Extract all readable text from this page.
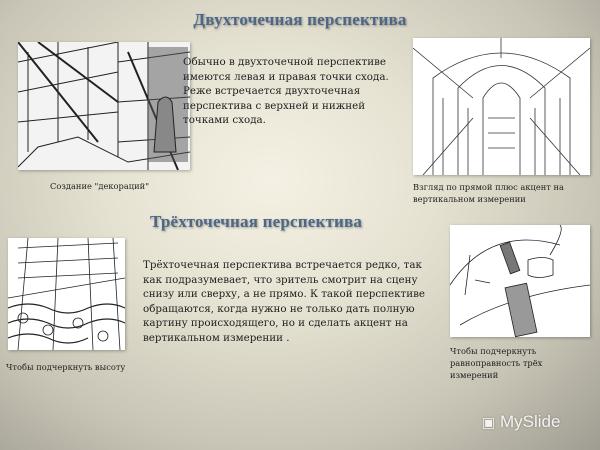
Двухточечная перспектива
Создание "декораций"
Обычно в двухточечной перспективе имеются левая и правая точки схода. Реже встречается двухточечная перспектива с верхней и нижней точками схода.
Взгляд по прямой плюс акцент на вертикальном измерении
Трёхточечная перспектива
Чтобы подчеркнуть высоту
Трёхточечная перспектива встречается редко, так как подразумевает, что зритель смотрит на сцену снизу или сверху, а не прямо. К такой перспективе обращаются, когда нужно не только дать полную картину происходящего, но и сделать акцент на вертикальном измерении .
Чтобы подчеркнуть равноправность трёх измерений
▣ MySlide
